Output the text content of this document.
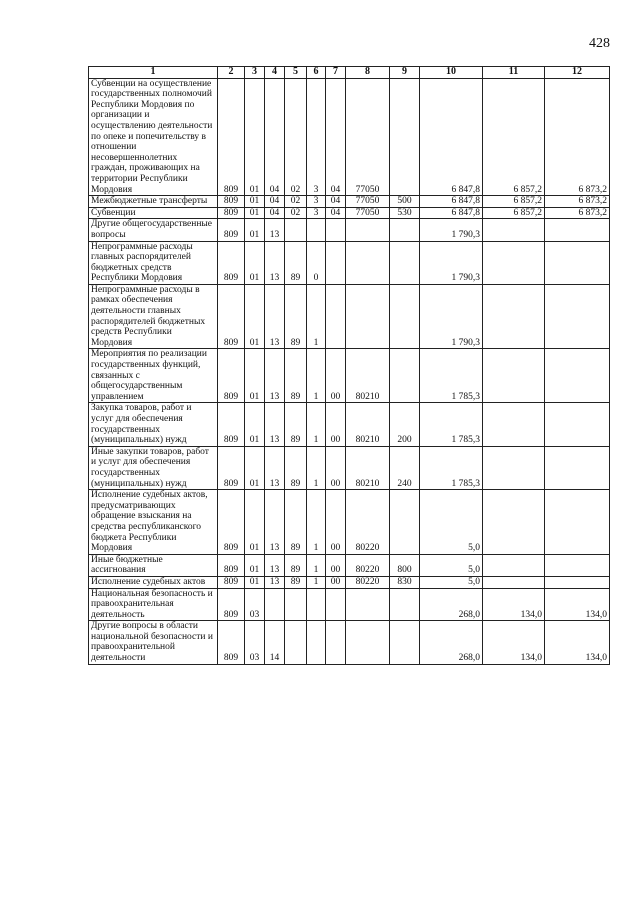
428
1	2	3	4	5	6	7	8	9	10	11	12
Субвенции на осуществление государственных полномочий Республики Мордовия по организации и осуществлению деятельности по опеке и попечительству в отношении несовершеннолетних граждан, проживающих на территории Республики Мордовия	809	01	04	02	3	04	77050		6 847,8	6 857,2	6 873,2
Межбюджетные трансферты	809	01	04	02	3	04	77050	500	6 847,8	6 857,2	6 873,2
Субвенции	809	01	04	02	3	04	77050	530	6 847,8	6 857,2	6 873,2
Другие общегосударственные вопросы	809	01	13						1 790,3		
Непрограммные расходы главных распорядителей бюджетных средств Республики Мордовия	809	01	13	89	0				1 790,3		
Непрограммные расходы в рамках обеспечения деятельности главных распорядителей бюджетных средств Республики Мордовия	809	01	13	89	1				1 790,3		
Мероприятия по реализации государственных функций, связанных с общегосударственным управлением	809	01	13	89	1	00	80210		1 785,3		
Закупка товаров, работ и услуг для обеспечения государственных (муниципальных) нужд	809	01	13	89	1	00	80210	200	1 785,3		
Иные закупки товаров, работ и услуг для обеспечения государственных (муниципальных) нужд	809	01	13	89	1	00	80210	240	1 785,3		
Исполнение судебных актов, предусматривающих обращение взыскания на средства республиканского бюджета Республики Мордовия	809	01	13	89	1	00	80220		5,0		
Иные бюджетные ассигнования	809	01	13	89	1	00	80220	800	5,0		
Исполнение судебных актов	809	01	13	89	1	00	80220	830	5,0		
Национальная безопасность и правоохранительная деятельность	809	03							268,0	134,0	134,0
Другие вопросы в области национальной безопасности и правоохранительной деятельности	809	03	14						268,0	134,0	134,0
